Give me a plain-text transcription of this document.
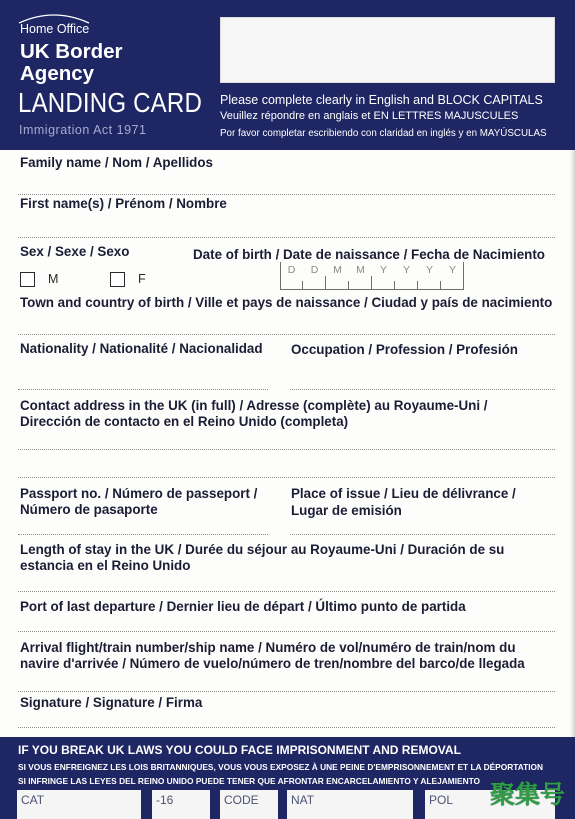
Home Office
UK Border
Agency
LANDING CARD
Immigration Act 1971
Please complete clearly in English and BLOCK CAPITALS
Veuillez répondre en anglais et EN LETTRES MAJUSCULES
Por favor completar escribiendo con claridad en inglés y en MAYÚSCULAS
Family name / Nom / Apellidos
First name(s) / Prénom / Nombre
Sex / Sexe / Sexo
M	F
Date of birth / Date de naissance / Fecha de Nacimiento
D	D	M	M	Y	Y	Y	Y
Town and country of birth / Ville et pays de naissance / Ciudad y país de nacimiento
Nationality / Nationalité / Nacionalidad Occupation / Profession / Profesión
Contact address in the UK (in full) / Adresse (complète) au Royaume-Uni /
Dirección de contacto en el Reino Unido (completa)
Passport no. / Número de passeport /
Número de pasaporte
Place of issue / Lieu de délivrance /
Lugar de emisión
Length of stay in the UK / Durée du séjour au Royaume-Uni / Duración de su
estancia en el Reino Unido
Port of last departure / Dernier lieu de départ / Último punto de partida
Arrival flight/train number/ship name / Numéro de vol/numéro de train/nom du
navire d'arrivée / Número de vuelo/número de tren/nombre del barco/de llegada
Signature / Signature / Firma
IF YOU BREAK UK LAWS YOU COULD FACE IMPRISONMENT AND REMOVAL
SI VOUS ENFREIGNEZ LES LOIS BRITANNIQUES, VOUS VOUS EXPOSEZ À UNE PEINE D'EMPRISONNEMENT ET LA DÉPORTATION
SI INFRINGE LAS LEYES DEL REINO UNIDO PUEDE TENER QUE AFRONTAR ENCARCELAMIENTO Y ALEJAMIENTO
CAT	-16	CODE	NAT	POL 聚集号
